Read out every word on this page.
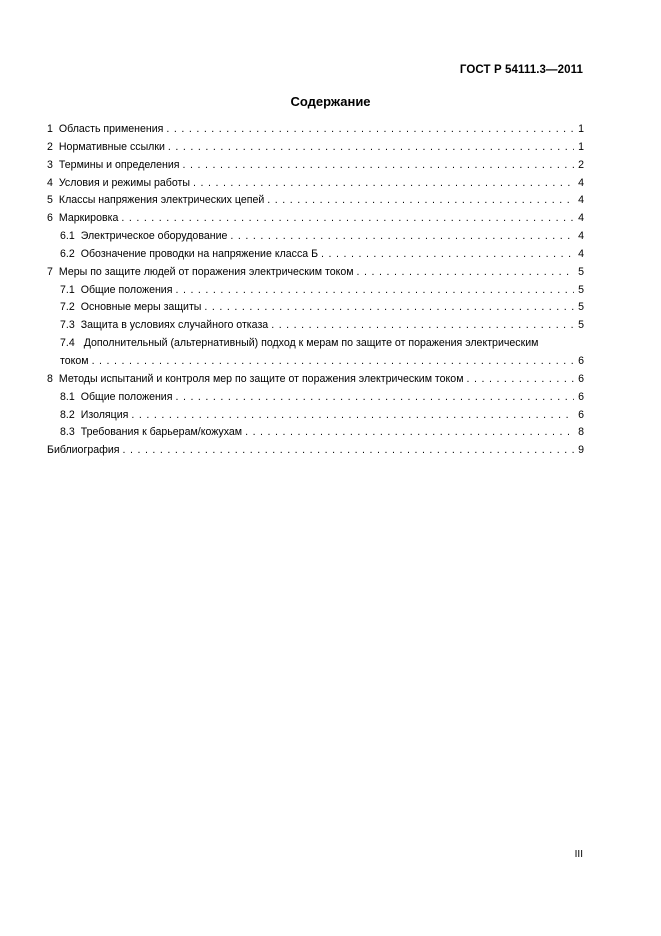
ГОСТ Р 54111.3—2011
Содержание
1 Область применения . . .	1
2 Нормативные ссылки . . .	1
3 Термины и определения . . .	2
4 Условия и режимы работы . . .	4
5 Классы напряжения электрических цепей . . .	4
6 Маркировка . . .	4
6.1 Электрическое оборудование . . .	4
6.2 Обозначение проводки на напряжение класса Б . . .	4
7 Меры по защите людей от поражения электрическим током . . .	5
7.1 Общие положения . . .	5
7.2 Основные меры защиты . . .	5
7.3 Защита в условиях случайного отказа . . .	5
7.4 Дополнительный (альтернативный) подход к мерам по защите от поражения электрическим
током . . .	6
8 Методы испытаний и контроля мер по защите от поражения электрическим током . . .	6
8.1 Общие положения . . .	6
8.2 Изоляция . . .	6
8.3 Требования к барьерам/кожухам . . .	8
Библиография . . .	9
III
